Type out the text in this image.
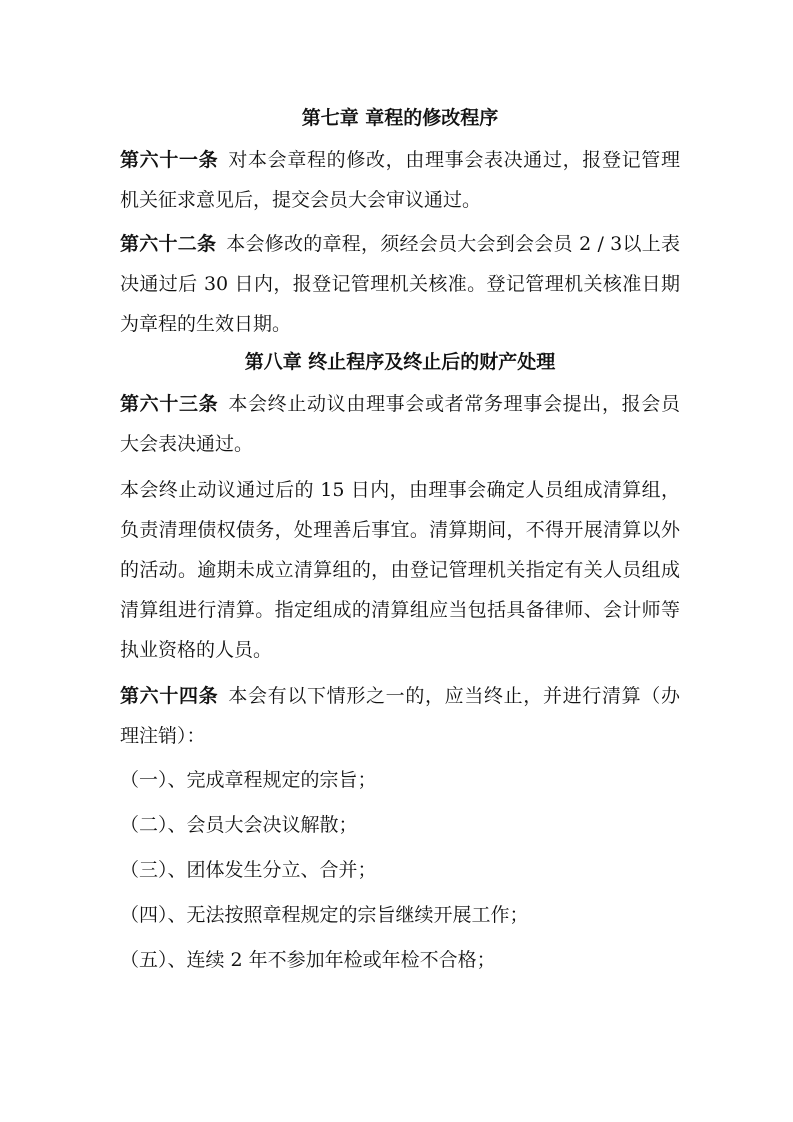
第七章 章程的修改程序

第六十一条 对本会章程的修改，由理事会表决通过，报登记管理机关征求意见后，提交会员大会审议通过。

第六十二条 本会修改的章程，须经会员大会到会会员 2 / 3以上表决通过后 30 日内，报登记管理机关核准。登记管理机关核准日期为章程的生效日期。

第八章 终止程序及终止后的财产处理

第六十三条 本会终止动议由理事会或者常务理事会提出，报会员大会表决通过。

本会终止动议通过后的 15 日内，由理事会确定人员组成清算组，负责清理债权债务，处理善后事宜。清算期间，不得开展清算以外的活动。逾期未成立清算组的，由登记管理机关指定有关人员组成清算组进行清算。指定组成的清算组应当包括具备律师、会计师等执业资格的人员。

第六十四条 本会有以下情形之一的，应当终止，并进行清算（办理注销）：

（一）、完成章程规定的宗旨；

（二）、会员大会决议解散；

（三）、团体发生分立、合并；

（四）、无法按照章程规定的宗旨继续开展工作；

（五）、连续 2 年不参加年检或年检不合格；
